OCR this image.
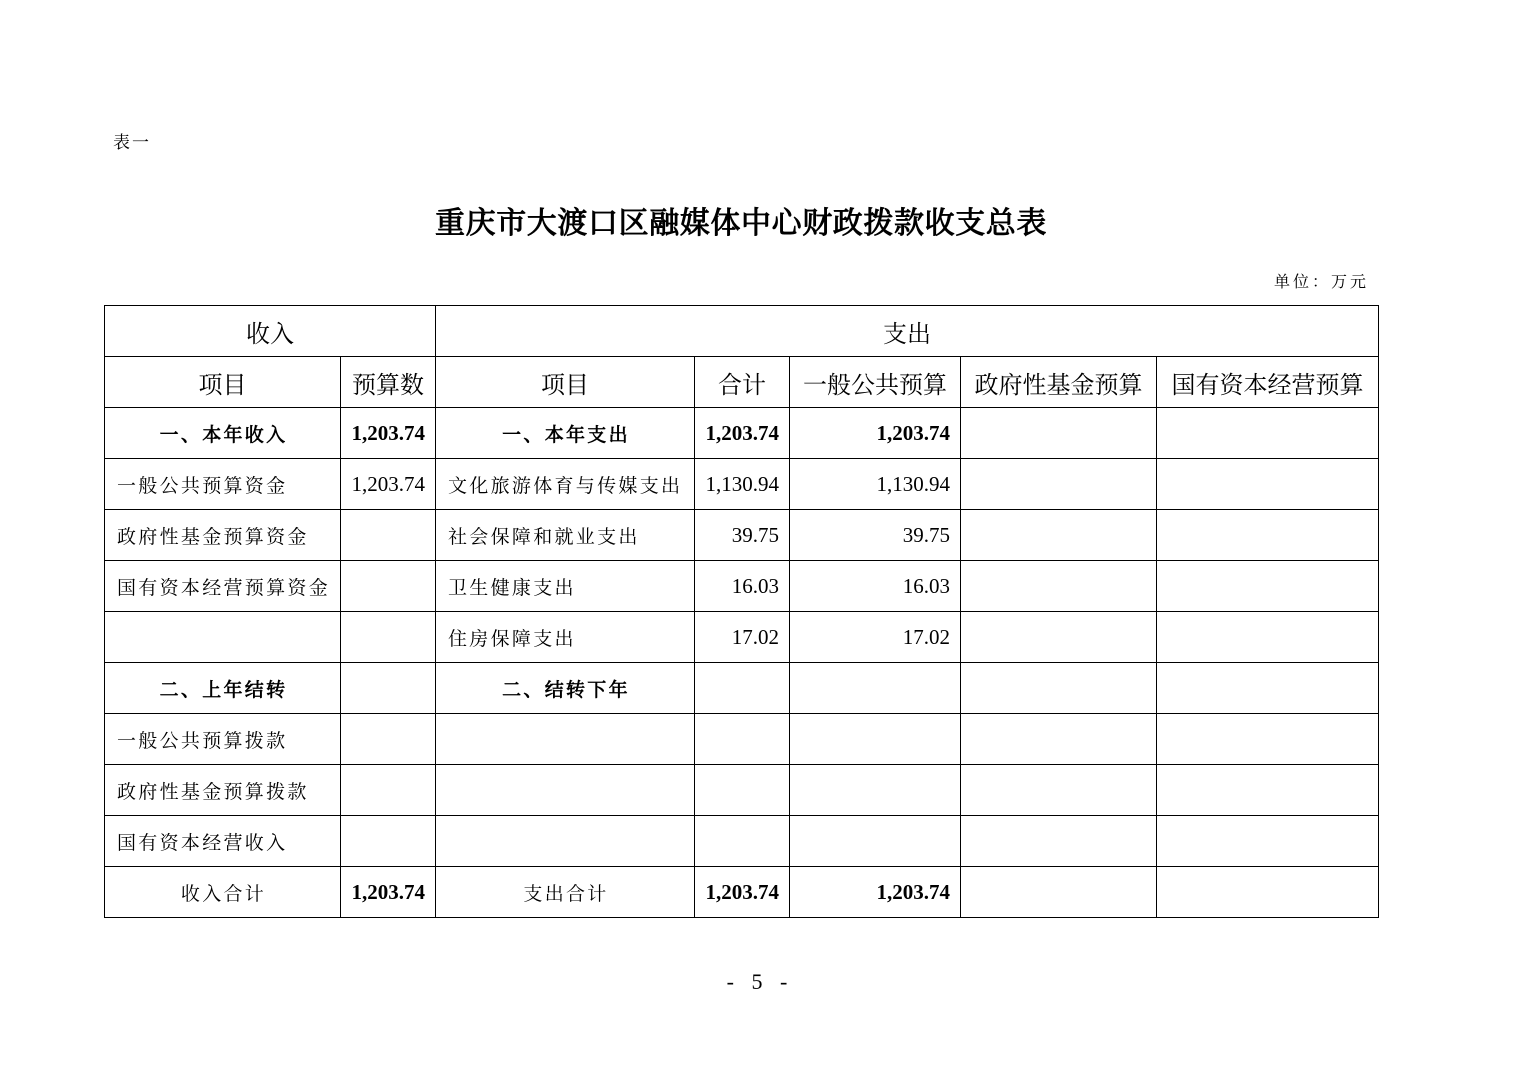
表一
重庆市大渡口区融媒体中心财政拨款收支总表
单位：万元
收入		支出				
项目	预算数	项目	合计	一般公共预算	政府性基金预算	国有资本经营预算
一、本年收入	1,203.74	一、本年支出	1,203.74	1,203.74		
一般公共预算资金	1,203.74	文化旅游体育与传媒支出	1,130.94	1,130.94		
政府性基金预算资金		社会保障和就业支出	39.75	39.75		
国有资本经营预算资金		卫生健康支出	16.03	16.03		
		住房保障支出	17.02	17.02		
二、上年结转		二、结转下年				
一般公共预算拨款						
政府性基金预算拨款						
国有资本经营收入						
收入合计	1,203.74	支出合计	1,203.74	1,203.74		
- 5 -
